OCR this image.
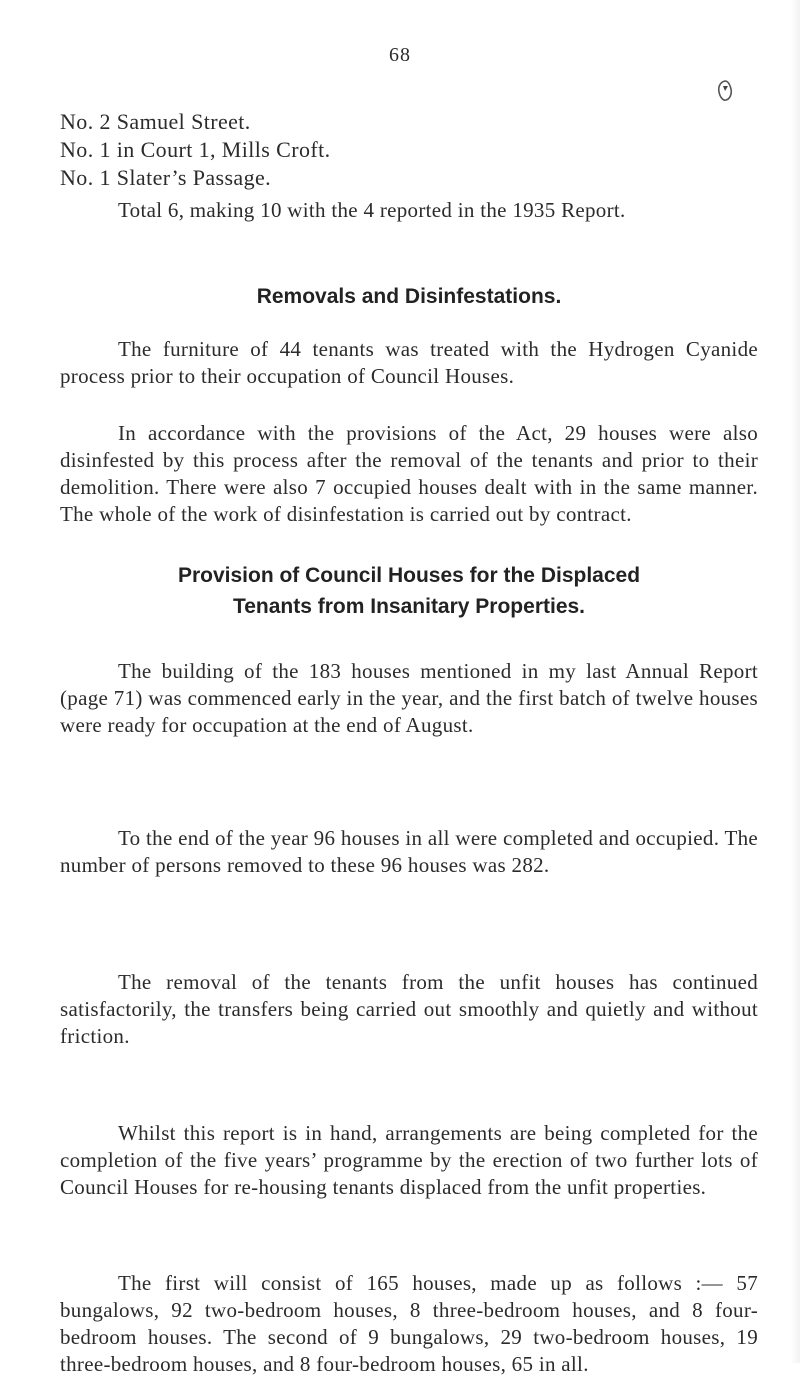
68
No. 2 Samuel Street.
No. 1 in Court 1, Mills Croft.
No. 1 Slater’s Passage.

Total 6, making 10 with the 4 reported in the 1935 Report.

Removals and Disinfestations.

The furniture of 44 tenants was treated with the Hydrogen Cyanide process prior to their occupation of Council Houses.

In accordance with the provisions of the Act, 29 houses were also disinfested by this process after the removal of the tenants and prior to their demolition. There were also 7 occupied houses dealt with in the same manner. The whole of the work of disinfestation is carried out by contract.

Provision of Council Houses for the Displaced
Tenants from Insanitary Properties.

The building of the 183 houses mentioned in my last Annual Report (page 71) was commenced early in the year, and the first batch of twelve houses were ready for occupation at the end of August.

To the end of the year 96 houses in all were completed and occupied. The number of persons removed to these 96 houses was 282.

The removal of the tenants from the unfit houses has continued satisfactorily, the transfers being carried out smoothly and quietly and without friction.

Whilst this report is in hand, arrangements are being completed for the completion of the five years’ programme by the erection of two further lots of Council Houses for re-housing tenants displaced from the unfit properties.

The first will consist of 165 houses, made up as follows :— 57 bungalows, 92 two-bedroom houses, 8 three-bedroom houses, and 8 four-bedroom houses. The second of 9 bungalows, 29 two-bedroom houses, 19 three-bedroom houses, and 8 four-bedroom houses, 65 in all.
